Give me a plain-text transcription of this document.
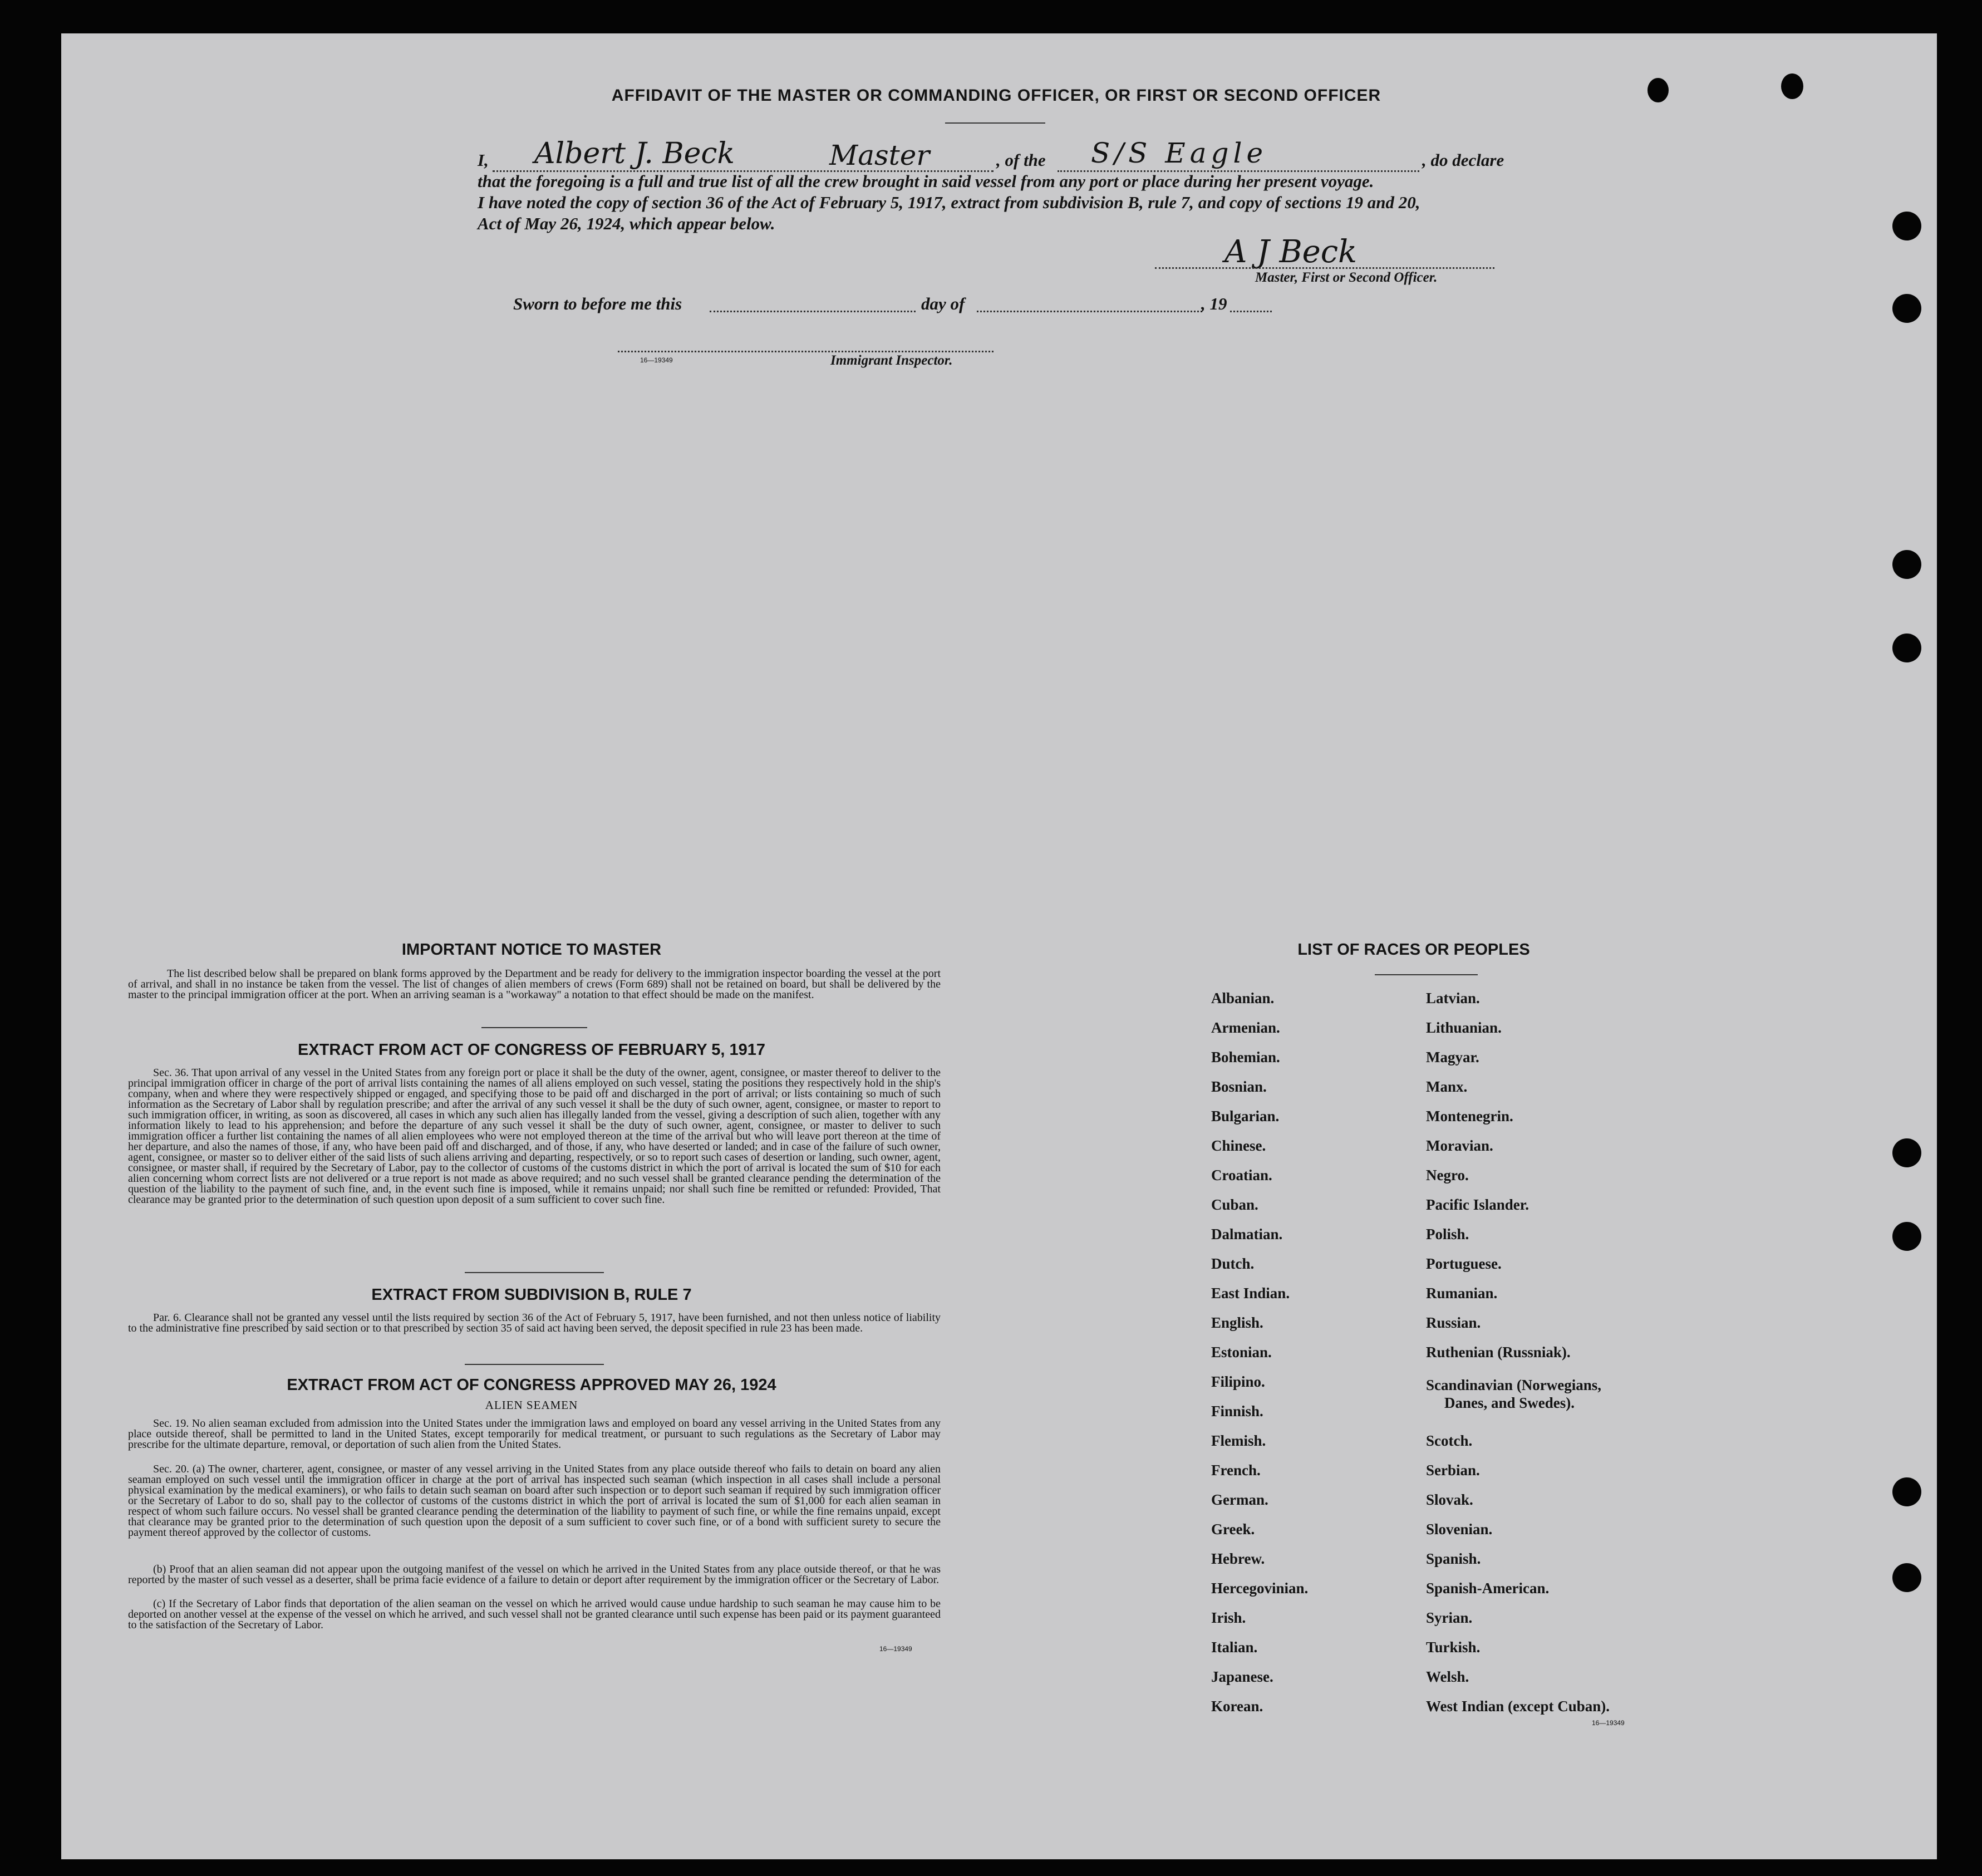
AFFIDAVIT OF THE MASTER OR COMMANDING OFFICER, OR FIRST OR SECOND OFFICER
I, Albert J. Beck	Master	, of the S/S Eagle	, do declare
that the foregoing is a full and true list of all the crew brought in said vessel from any port or place during her present voyage.
I have noted the copy of section 36 of the Act of February 5, 1917, extract from subdivision B, rule 7, and copy of sections 19 and 20,
Act of May 26, 1924, which appear below.
A J Beck
Master, First or Second Officer.
Sworn to before me this	day of	, 19
16—19349	Immigrant Inspector.
IMPORTANT NOTICE TO MASTER
The list described below shall be prepared on blank forms approved by the Department and be ready for delivery to the immigration inspector boarding the vessel at the port of arrival, and shall in no instance be taken from the vessel. The list of changes of alien members of crews (Form 689) shall not be retained on board, but shall be delivered by the master to the principal immigration officer at the port. When an arriving seaman is a "workaway" a notation to that effect should be made on the manifest.
EXTRACT FROM ACT OF CONGRESS OF FEBRUARY 5, 1917
Sec. 36. That upon arrival of any vessel in the United States from any foreign port or place it shall be the duty of the owner, agent, consignee, or master thereof to deliver to the principal immigration officer in charge of the port of arrival lists containing the names of all aliens employed on such vessel, stating the positions they respectively hold in the ship's company, when and where they were respectively shipped or engaged, and specifying those to be paid off and discharged in the port of arrival; or lists containing so much of such information as the Secretary of Labor shall by regulation prescribe; and after the arrival of any such vessel it shall be the duty of such owner, agent, consignee, or master to report to such immigration officer, in writing, as soon as discovered, all cases in which any such alien has illegally landed from the vessel, giving a description of such alien, together with any information likely to lead to his apprehension; and before the departure of any such vessel it shall be the duty of such owner, agent, consignee, or master to deliver to such immigration officer a further list containing the names of all alien employees who were not employed thereon at the time of the arrival but who will leave port thereon at the time of her departure, and also the names of those, if any, who have been paid off and discharged, and of those, if any, who have deserted or landed; and in case of the failure of such owner, agent, consignee, or master so to deliver either of the said lists of such aliens arriving and departing, respectively, or so to report such cases of desertion or landing, such owner, agent, consignee, or master shall, if required by the Secretary of Labor, pay to the collector of customs of the customs district in which the port of arrival is located the sum of $10 for each alien concerning whom correct lists are not delivered or a true report is not made as above required; and no such vessel shall be granted clearance pending the determination of the question of the liability to the payment of such fine, and, in the event such fine is imposed, while it remains unpaid; nor shall such fine be remitted or refunded: Provided, That clearance may be granted prior to the determination of such question upon deposit of a sum sufficient to cover such fine.
EXTRACT FROM SUBDIVISION B, RULE 7
Par. 6. Clearance shall not be granted any vessel until the lists required by section 36 of the Act of February 5, 1917, have been furnished, and not then unless notice of liability to the administrative fine prescribed by said section or to that prescribed by section 35 of said act having been served, the deposit specified in rule 23 has been made.
EXTRACT FROM ACT OF CONGRESS APPROVED MAY 26, 1924
ALIEN SEAMEN
Sec. 19. No alien seaman excluded from admission into the United States under the immigration laws and employed on board any vessel arriving in the United States from any place outside thereof, shall be permitted to land in the United States, except temporarily for medical treatment, or pursuant to such regulations as the Secretary of Labor may prescribe for the ultimate departure, removal, or deportation of such alien from the United States.
Sec. 20. (a) The owner, charterer, agent, consignee, or master of any vessel arriving in the United States from any place outside thereof who fails to detain on board any alien seaman employed on such vessel until the immigration officer in charge at the port of arrival has inspected such seaman (which inspection in all cases shall include a personal physical examination by the medical examiners), or who fails to detain such seaman on board after such inspection or to deport such seaman if required by such immigration officer or the Secretary of Labor to do so, shall pay to the collector of customs of the customs district in which the port of arrival is located the sum of $1,000 for each alien seaman in respect of whom such failure occurs. No vessel shall be granted clearance pending the determination of the liability to payment of such fine, or while the fine remains unpaid, except that clearance may be granted prior to the determination of such question upon the deposit of a sum sufficient to cover such fine, or of a bond with sufficient surety to secure the payment thereof approved by the collector of customs.
(b) Proof that an alien seaman did not appear upon the outgoing manifest of the vessel on which he arrived in the United States from any place outside thereof, or that he was reported by the master of such vessel as a deserter, shall be prima facie evidence of a failure to detain or deport after requirement by the immigration officer or the Secretary of Labor.
(c) If the Secretary of Labor finds that deportation of the alien seaman on the vessel on which he arrived would cause undue hardship to such seaman he may cause him to be deported on another vessel at the expense of the vessel on which he arrived, and such vessel shall not be granted clearance until such expense has been paid or its payment guaranteed to the satisfaction of the Secretary of Labor.
16—19349
LIST OF RACES OR PEOPLES
Albanian.
Armenian.
Bohemian.
Bosnian.
Bulgarian.
Chinese.
Croatian.
Cuban.
Dalmatian.
Dutch.
East Indian.
English.
Estonian.
Filipino.
Finnish.
Flemish.
French.
German.
Greek.
Hebrew.
Hercegovinian.
Irish.
Italian.
Japanese.
Korean.
Latvian.
Lithuanian.
Magyar.
Manx.
Montenegrin.
Moravian.
Negro.
Pacific Islander.
Polish.
Portuguese.
Rumanian.
Russian.
Ruthenian (Russniak).
Scandinavian (Norwegians,
Danes, and Swedes).
Scotch.
Serbian.
Slovak.
Slovenian.
Spanish.
Spanish-American.
Syrian.
Turkish.
Welsh.
West Indian (except Cuban).
16—19349
